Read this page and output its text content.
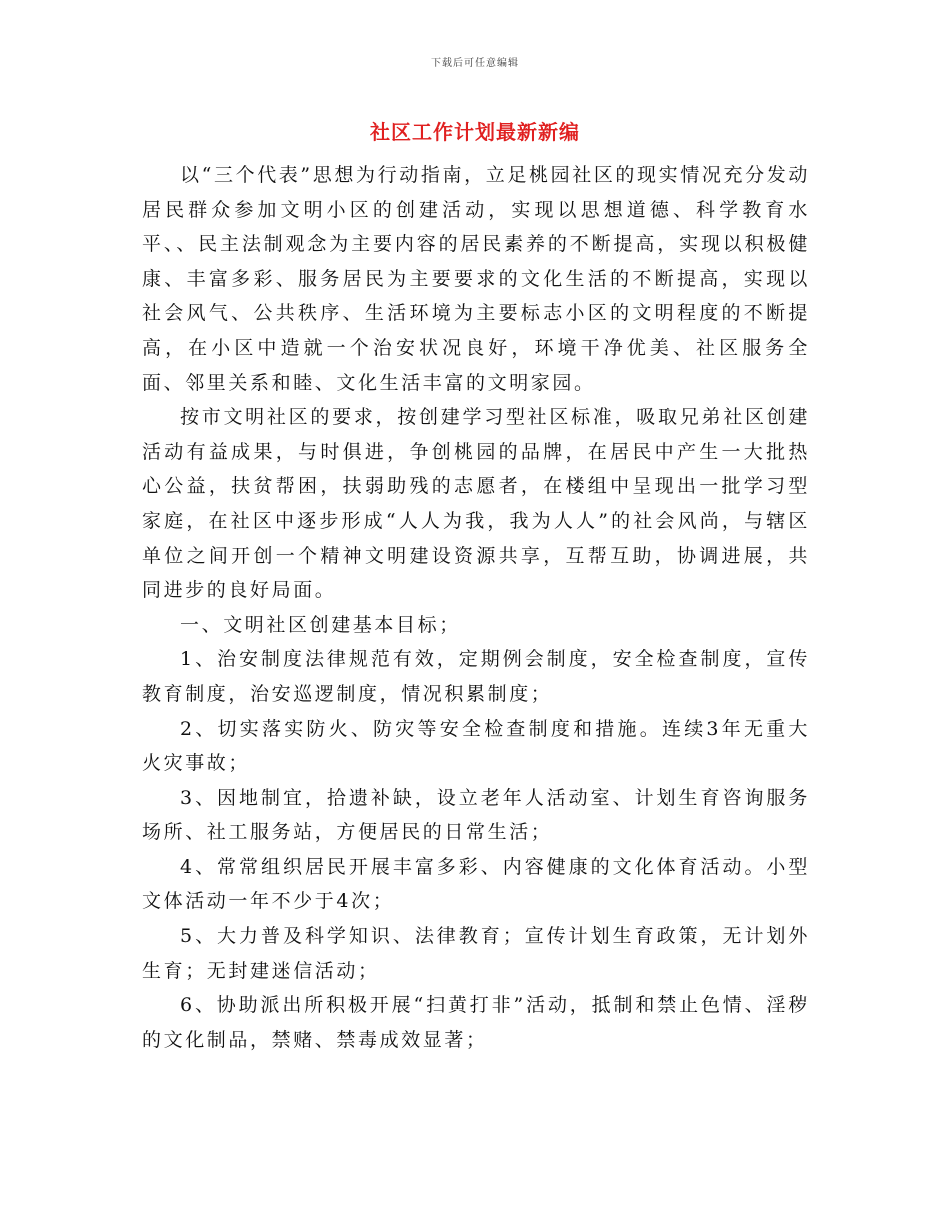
下载后可任意编辑
社区工作计划最新新编

以“三个代表”思想为行动指南，立足桃园社区的现实情况充分发动居民群众参加文明小区的创建活动，实现以思想道德、科学教育水平、、民主法制观念为主要内容的居民素养的不断提高，实现以积极健康、丰富多彩、服务居民为主要要求的文化生活的不断提高，实现以社会风气、公共秩序、生活环境为主要标志小区的文明程度的不断提高，在小区中造就一个治安状况良好，环境干净优美、社区服务全面、邻里关系和睦、文化生活丰富的文明家园。

按市文明社区的要求，按创建学习型社区标准，吸取兄弟社区创建活动有益成果，与时俱进，争创桃园的品牌，在居民中产生一大批热心公益，扶贫帮困，扶弱助残的志愿者，在楼组中呈现出一批学习型家庭，在社区中逐步形成“人人为我，我为人人”的社会风尚，与辖区单位之间开创一个精神文明建设资源共享，互帮互助，协调进展，共同进步的良好局面。

一、文明社区创建基本目标；

1、治安制度法律规范有效，定期例会制度，安全检查制度，宣传教育制度，治安巡逻制度，情况积累制度；

2、切实落实防火、防灾等安全检查制度和措施。连续3年无重大火灾事故；

3、因地制宜，拾遗补缺，设立老年人活动室、计划生育咨询服务场所、社工服务站，方便居民的日常生活；

4、常常组织居民开展丰富多彩、内容健康的文化体育活动。小型文体活动一年不少于4次；

5、大力普及科学知识、法律教育；宣传计划生育政策，无计划外生育；无封建迷信活动；

6、协助派出所积极开展“扫黄打非”活动，抵制和禁止色情、淫秽的文化制品，禁赌、禁毒成效显著；
